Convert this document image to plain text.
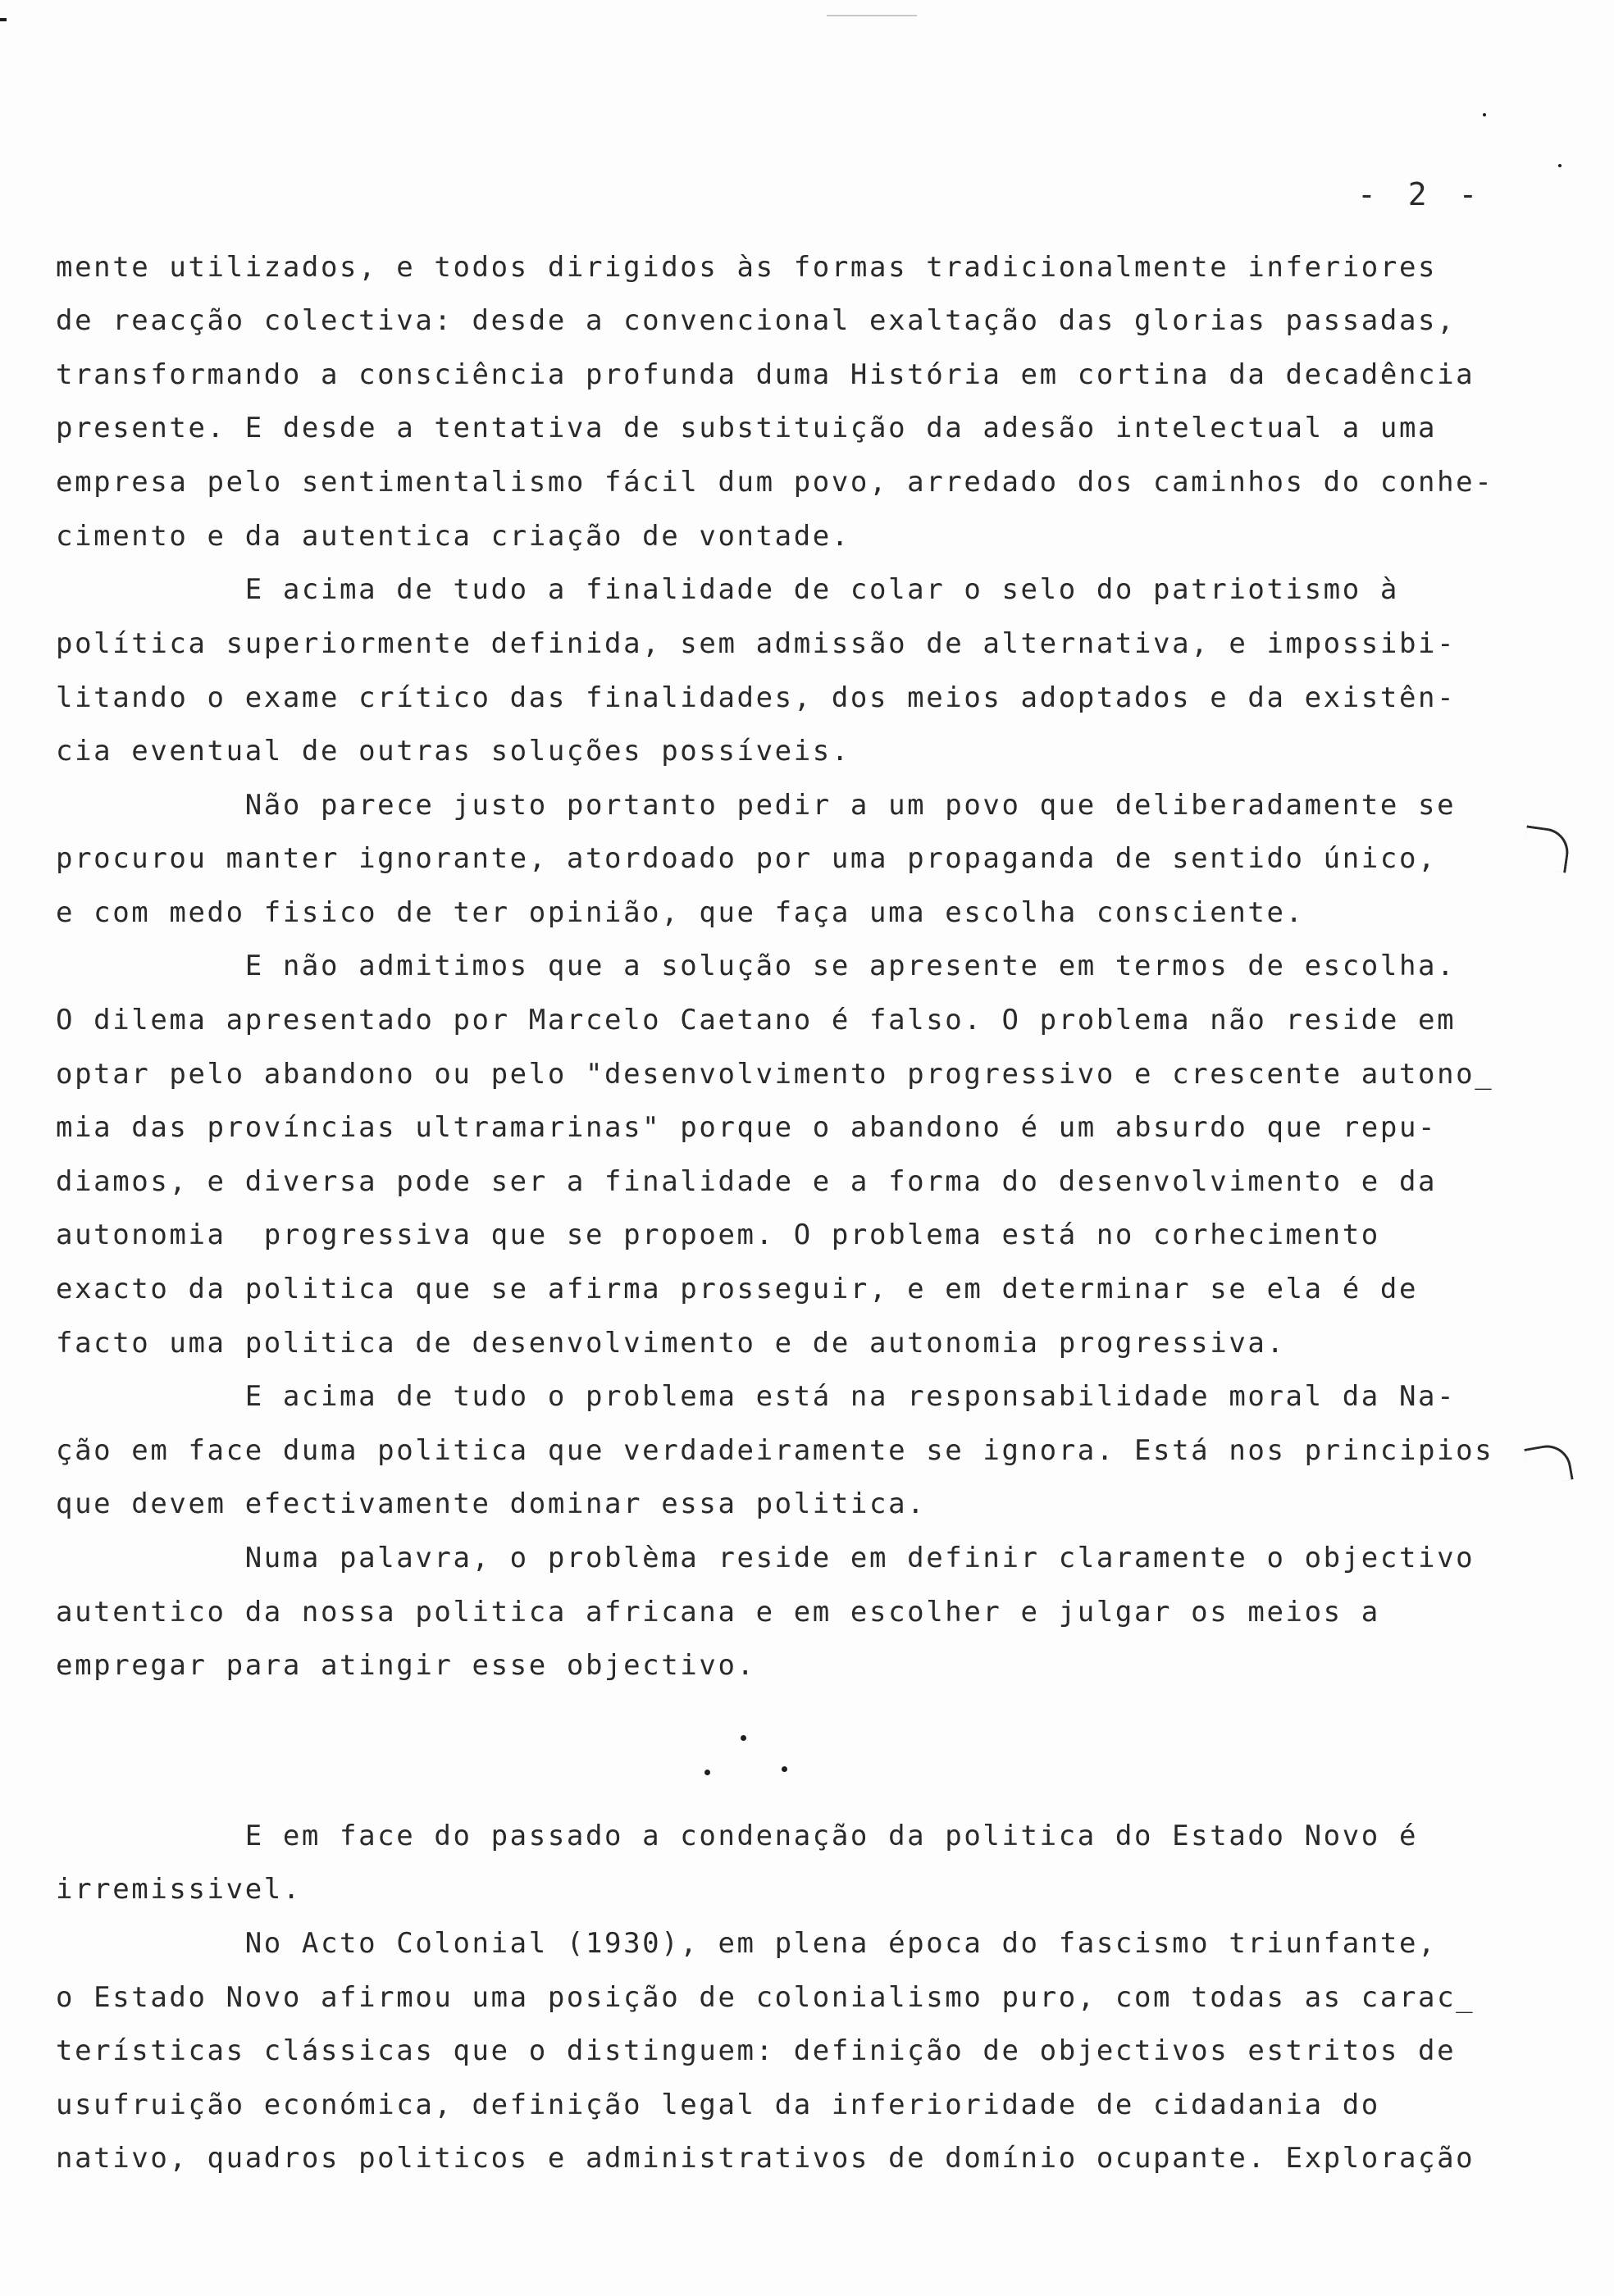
- 2 -
mente utilizados, e todos dirigidos às formas tradicionalmente inferiores
de reacção colectiva: desde a convencional exaltação das glorias passadas,
transformando a consciência profunda duma História em cortina da decadência
presente. E desde a tentativa de substituição da adesão intelectual a uma
empresa pelo sentimentalismo fácil dum povo, arredado dos caminhos do conhe-
cimento e da autentica criação de vontade.
E acima de tudo a finalidade de colar o selo do patriotismo à
política superiormente definida, sem admissão de alternativa, e impossibi-
litando o exame crítico das finalidades, dos meios adoptados e da existên-
cia eventual de outras soluções possíveis.
Não parece justo portanto pedir a um povo que deliberadamente se
procurou manter ignorante, atordoado por uma propaganda de sentido único,
e com medo fisico de ter opinião, que faça uma escolha consciente.
E não admitimos que a solução se apresente em termos de escolha.
O dilema apresentado por Marcelo Caetano é falso. O problema não reside em
optar pelo abandono ou pelo "desenvolvimento progressivo e crescente autono_
mia das províncias ultramarinas" porque o abandono é um absurdo que repu-
diamos, e diversa pode ser a finalidade e a forma do desenvolvimento e da
autonomia  progressiva que se propoem. O problema está no corhecimento
exacto da politica que se afirma prosseguir, e em determinar se ela é de
facto uma politica de desenvolvimento e de autonomia progressiva.
E acima de tudo o problema está na responsabilidade moral da Na-
ção em face duma politica que verdadeiramente se ignora. Está nos principios
que devem efectivamente dominar essa politica.
Numa palavra, o problèma reside em definir claramente o objectivo
autentico da nossa politica africana e em escolher e julgar os meios a
empregar para atingir esse objectivo.
E em face do passado a condenação da politica do Estado Novo é
irremissivel.
No Acto Colonial (1930), em plena época do fascismo triunfante,
o Estado Novo afirmou uma posição de colonialismo puro, com todas as carac_
terísticas clássicas que o distinguem: definição de objectivos estritos de
usufruição económica, definição legal da inferioridade de cidadania do
nativo, quadros politicos e administrativos de domínio ocupante. Exploração
